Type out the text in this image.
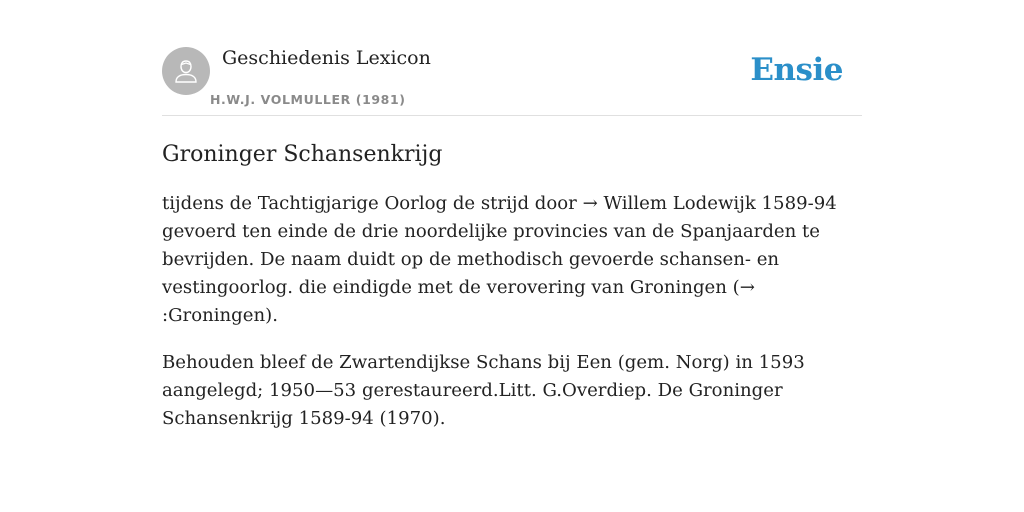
Geschiedenis Lexicon
H.W.J. VOLMULLER (1981)
Ensie
Groninger Schansenkrijg

tijdens de Tachtigjarige Oorlog de strijd door → Willem Lodewijk 1589-94 gevoerd ten einde de drie noordelijke provincies van de Spanjaarden te bevrijden. De naam duidt op de methodisch gevoerde schansen- en vestingoorlog. die eindigde met de verovering van Groningen (→ :Groningen).

Behouden bleef de Zwartendijkse Schans bij Een (gem. Norg) in 1593 aangelegd; 1950—53 gerestaureerd.Litt. G.Overdiep. De Groninger Schansenkrijg 1589-94 (1970).
